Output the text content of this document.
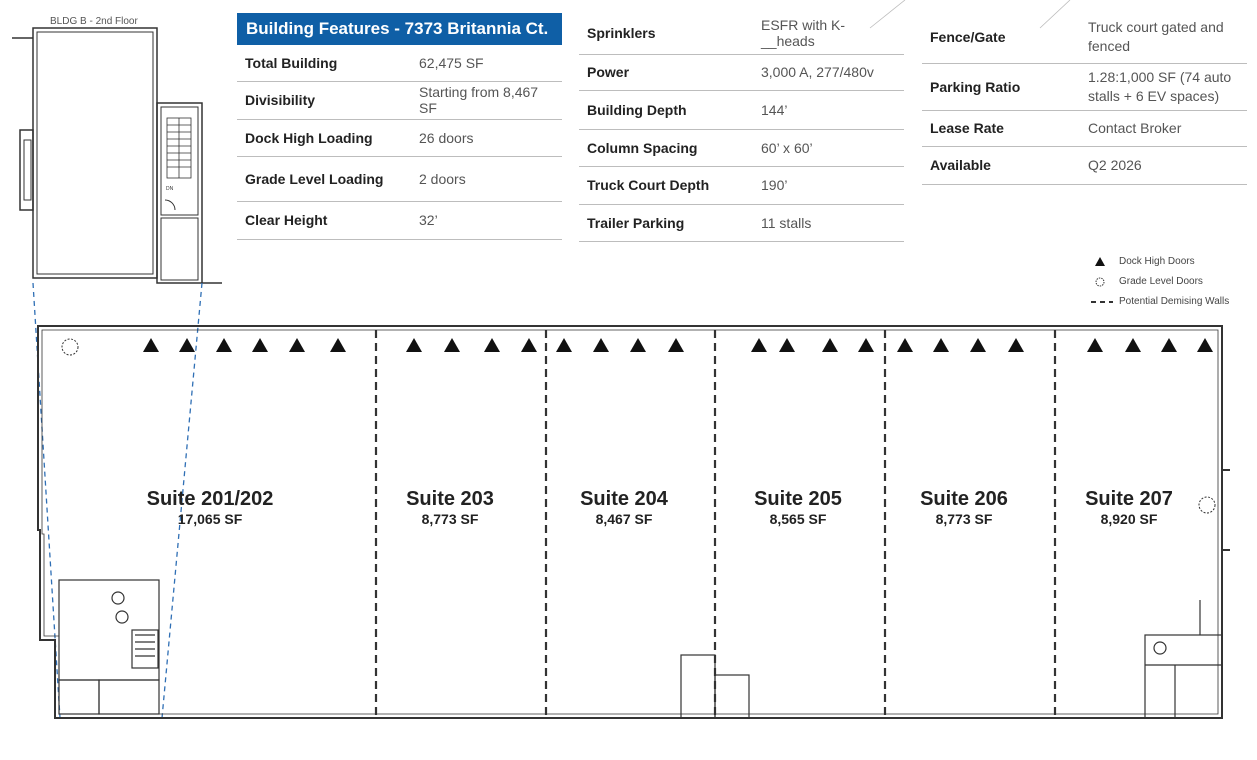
DN
BLDG B - 2nd Floor	Building Features - 7373 Britannia Ct.
Total Building	62,475 SF
Divisibility	Starting from 8,467 SF
Dock High Loading	26 doors
Grade Level Loading	2 doors
Clear Height	32’
Sprinklers	ESFR with K-__heads
Power	3,000 A, 277/480v
Building Depth	144’
Column Spacing	60’ x 60’
Truck Court Depth	190’
Trailer Parking	11 stalls
Fence/Gate	Truck court gated and fenced
Parking Ratio	1.28:1,000 SF (74 auto stalls + 6 EV spaces)
Lease Rate	Contact Broker
Available	Q2 2026
Dock High Doors
Grade Level Doors
Potential Demising Walls
Suite 201/202
17,065 SF
Suite 203
8,773 SF
Suite 204
8,467 SF
Suite 205
8,565 SF
Suite 206
8,773 SF
Suite 207
8,920 SF
